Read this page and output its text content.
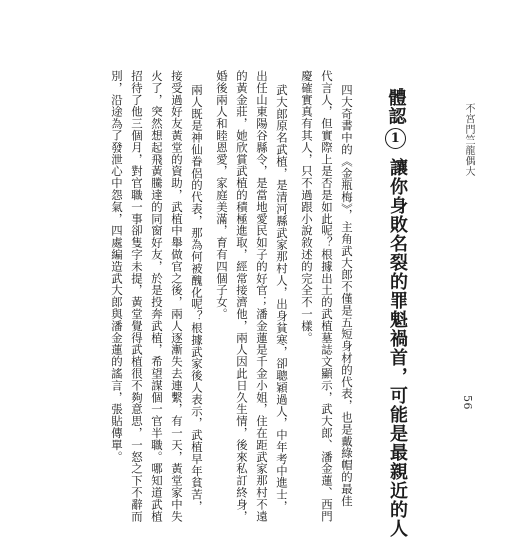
不宮門竺龍偶大
56
體認1
讓你身敗名裂的罪魁禍首，可能是最親近的人
四大奇書中的《金瓶梅》，主角武大郎不僅是五短身材的代表，也是戴綠帽的最佳
代言人，但實際上是否是如此呢？根據出土的武植墓誌文顯示，武大郎、潘金蓮、西門
慶確實真有其人，只不過跟小說敘述的完全不一樣。
武大郎原名武植，是清河縣武家那村人，出身貧寒，卻聰穎過人，中年考中進士，
出任山東陽谷縣令，是當地愛民如子的好官；潘金蓮是千金小姐，住在距武家那村不遠
的黃金莊，她欣賞武植的積極進取，經常接濟他，兩人因此日久生情，後來私訂終身，
婚後兩人和睦恩愛，家庭美滿，育有四個子女。
兩人既是神仙眷侶的代表，那為何被醜化呢？根據武家後人表示，武植早年貧苦，
接受過好友黃堂的資助，武植中舉做官之後，兩人逐漸失去連繫，有一天，黃堂家中失
火了，突然想起飛黃騰達的同窗好友，於是投奔武植，希望謀個一官半職。哪知道武植
招待了他三個月，對官職一事卻隻字未提，黃堂覺得武植很不夠意思，一怒之下不辭而
別，沿途為了發泄心中怨氣，四處編造武大郎與潘金蓮的謠言，張貼傳單。
